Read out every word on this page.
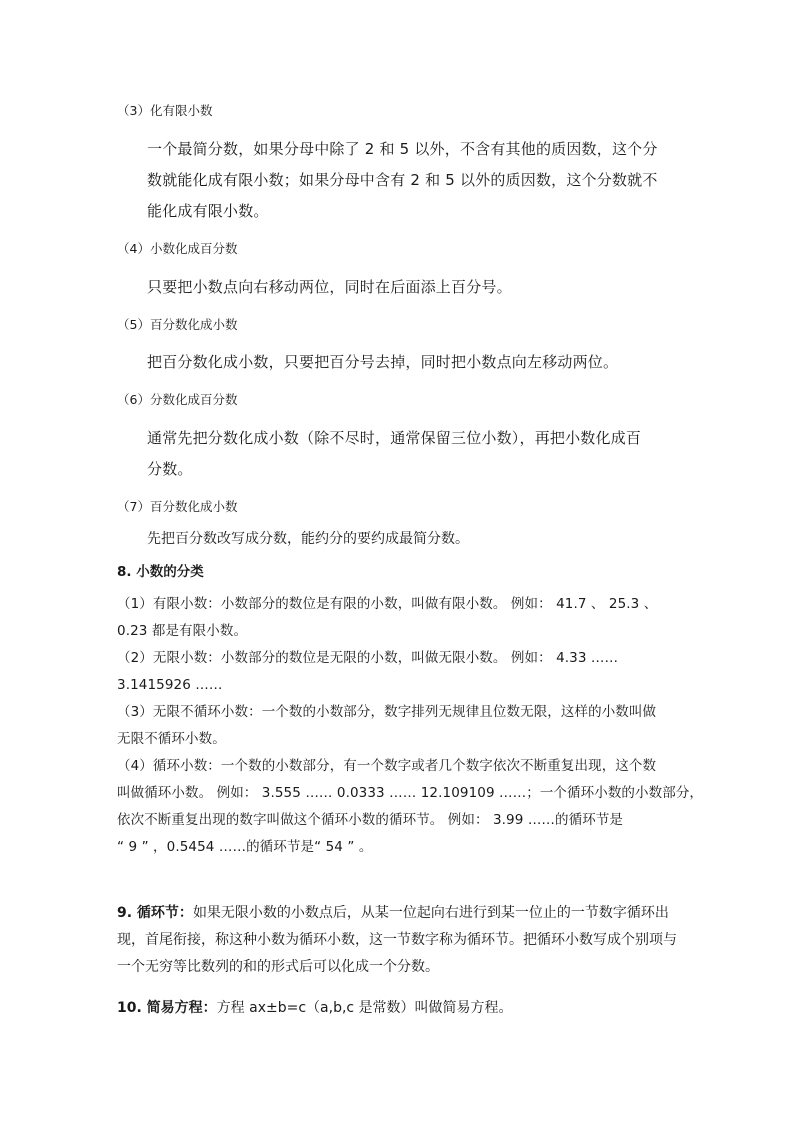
（3）化有限小数
一个最简分数，如果分母中除了 2 和 5 以外，不含有其他的质因数，这个分
数就能化成有限小数；如果分母中含有 2 和 5 以外的质因数，这个分数就不
能化成有限小数。
（4）小数化成百分数
只要把小数点向右移动两位，同时在后面添上百分号。
（5）百分数化成小数
把百分数化成小数，只要把百分号去掉，同时把小数点向左移动两位。
（6）分数化成百分数
通常先把分数化成小数（除不尽时，通常保留三位小数），再把小数化成百
分数。
（7）百分数化成小数
先把百分数改写成分数，能约分的要约成最简分数。
8. 小数的分类
（1）有限小数：小数部分的数位是有限的小数，叫做有限小数。 例如： 41.7 、 25.3 、
0.23 都是有限小数。
（2）无限小数：小数部分的数位是无限的小数，叫做无限小数。 例如： 4.33 ……
3.1415926 ……
（3）无限不循环小数：一个数的小数部分，数字排列无规律且位数无限，这样的小数叫做
无限不循环小数。
（4）循环小数：一个数的小数部分，有一个数字或者几个数字依次不断重复出现，这个数
叫做循环小数。 例如： 3.555 …… 0.0333 …… 12.109109 ……；一个循环小数的小数部分，
依次不断重复出现的数字叫做这个循环小数的循环节。 例如： 3.99 ……的循环节是
“ 9 ” ，0.5454 ……的循环节是“ 54 ” 。
9. 循环节：如果无限小数的小数点后，从某一位起向右进行到某一位止的一节数字循环出
现，首尾衔接，称这种小数为循环小数，这一节数字称为循环节。把循环小数写成个别项与
一个无穷等比数列的和的形式后可以化成一个分数。
10. 简易方程：方程 ax±b=c（a,b,c 是常数）叫做简易方程。
